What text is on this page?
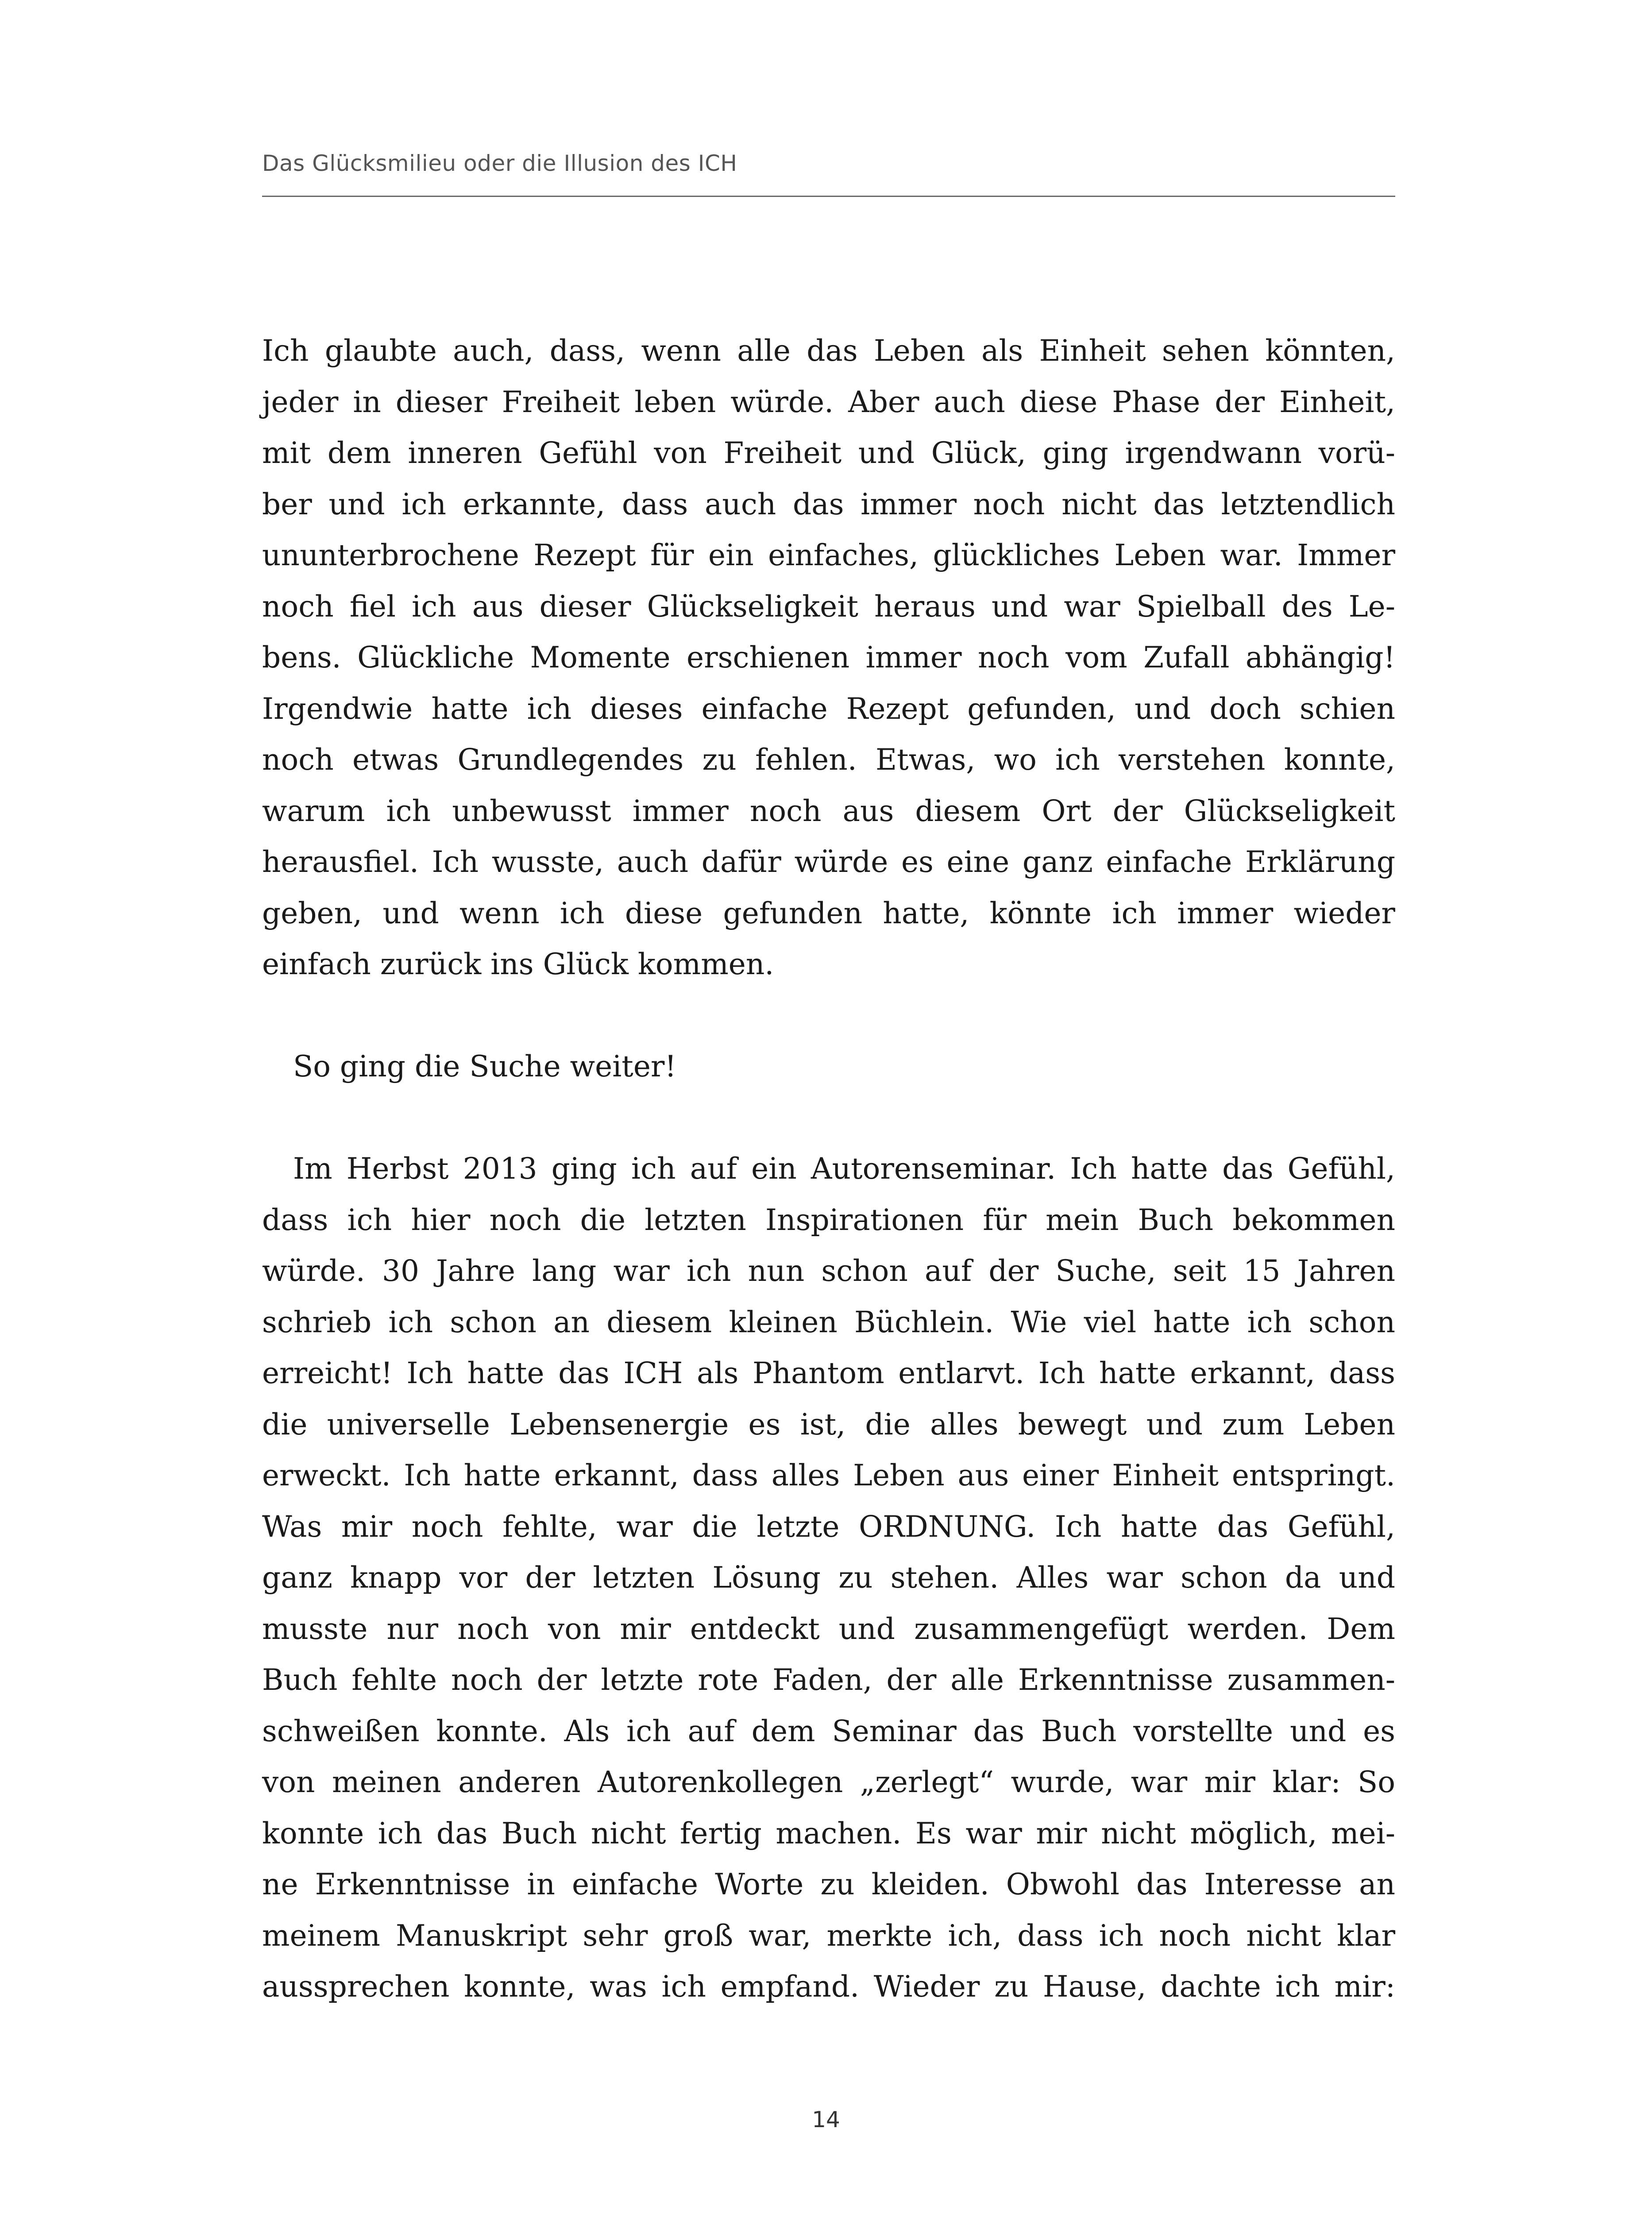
Das Glücksmilieu oder die Illusion des ICH
Ich glaubte auch, dass, wenn alle das Leben als Einheit sehen könnten,
jeder in dieser Freiheit leben würde. Aber auch diese Phase der Einheit,
mit dem inneren Gefühl von Freiheit und Glück, ging irgendwann vorü-
ber und ich erkannte, dass auch das immer noch nicht das letztendlich
ununterbrochene Rezept für ein einfaches, glückliches Leben war. Immer
noch fiel ich aus dieser Glückseligkeit heraus und war Spielball des Le-
bens. Glückliche Momente erschienen immer noch vom Zufall abhängig!
Irgendwie hatte ich dieses einfache Rezept gefunden, und doch schien
noch etwas Grundlegendes zu fehlen. Etwas, wo ich verstehen konnte,
warum ich unbewusst immer noch aus diesem Ort der Glückseligkeit
herausfiel. Ich wusste, auch dafür würde es eine ganz einfache Erklärung
geben, und wenn ich diese gefunden hatte, könnte ich immer wieder
einfach zurück ins Glück kommen.
So ging die Suche weiter!
Im Herbst 2013 ging ich auf ein Autorenseminar. Ich hatte das Gefühl,
dass ich hier noch die letzten Inspirationen für mein Buch bekommen
würde. 30 Jahre lang war ich nun schon auf der Suche, seit 15 Jahren
schrieb ich schon an diesem kleinen Büchlein. Wie viel hatte ich schon
erreicht! Ich hatte das ICH als Phantom entlarvt. Ich hatte erkannt, dass
die universelle Lebensenergie es ist, die alles bewegt und zum Leben
erweckt. Ich hatte erkannt, dass alles Leben aus einer Einheit entspringt.
Was mir noch fehlte, war die letzte ORDNUNG. Ich hatte das Gefühl,
ganz knapp vor der letzten Lösung zu stehen. Alles war schon da und
musste nur noch von mir entdeckt und zusammengefügt werden. Dem
Buch fehlte noch der letzte rote Faden, der alle Erkenntnisse zusammen-
schweißen konnte. Als ich auf dem Seminar das Buch vorstellte und es
von meinen anderen Autorenkollegen „zerlegt“ wurde, war mir klar: So
konnte ich das Buch nicht fertig machen. Es war mir nicht möglich, mei-
ne Erkenntnisse in einfache Worte zu kleiden. Obwohl das Interesse an
meinem Manuskript sehr groß war, merkte ich, dass ich noch nicht klar
aussprechen konnte, was ich empfand. Wieder zu Hause, dachte ich mir:
14
